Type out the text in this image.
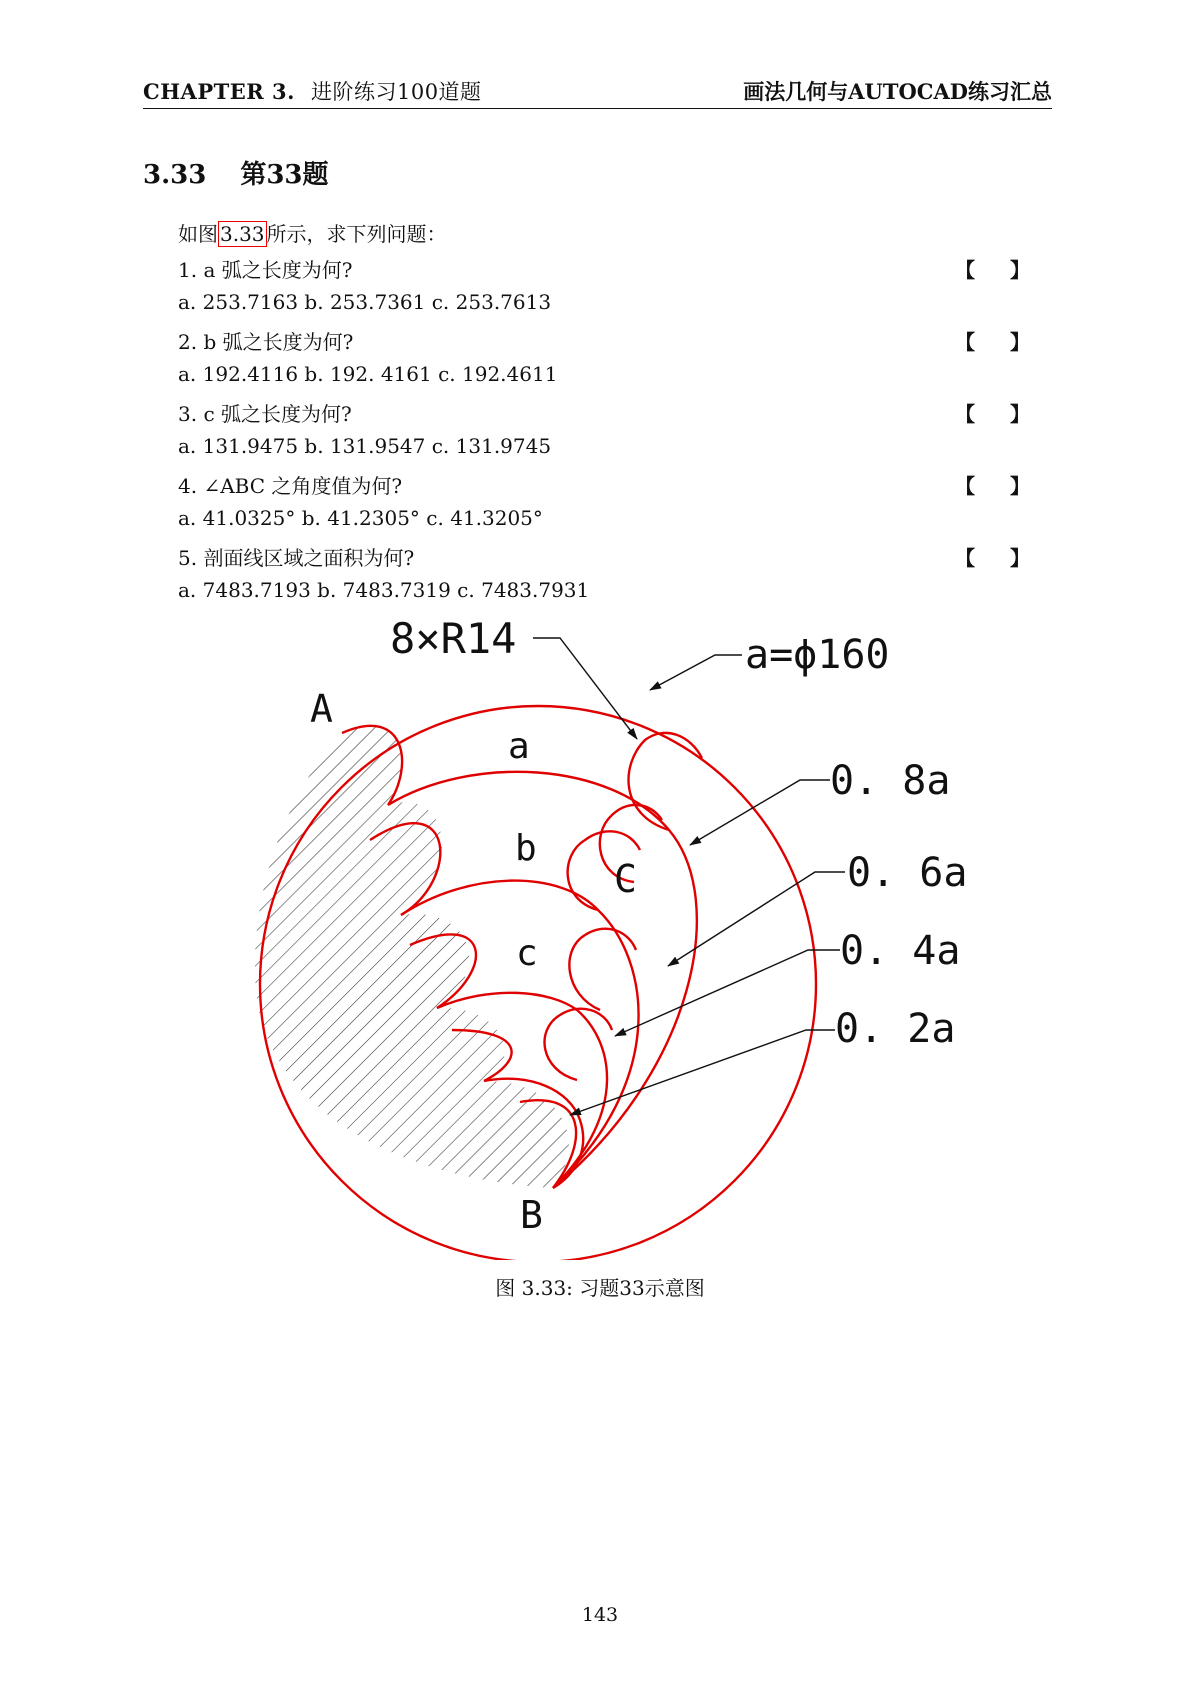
CHAPTER 3. 进阶练习100道题	画法几何与AUTOCAD练习汇总
3.33 第33题
如图 3.33 所示，求下列问题：
1. a 弧之长度为何?	【 】
a. 253.7163 b. 253.7361 c. 253.7613
2. b 弧之长度为何?	【 】
a. 192.4116 b. 192. 4161 c. 192.4611
3. c 弧之长度为何?	【 】
a. 131.9475 b. 131.9547 c. 131.9745
4. ∠ABC 之角度值为何?	【 】
a. 41.0325° b. 41.2305° c. 41.3205°
5. 剖面线区域之面积为何?	【 】
a. 7483.7193 b. 7483.7319 c. 7483.7931
8×R14	a=ϕ160
0. 8a
0. 6a
0. 4a
0. 2a
A
B
C
a
b
c
图 3.33: 习题33示意图
143
